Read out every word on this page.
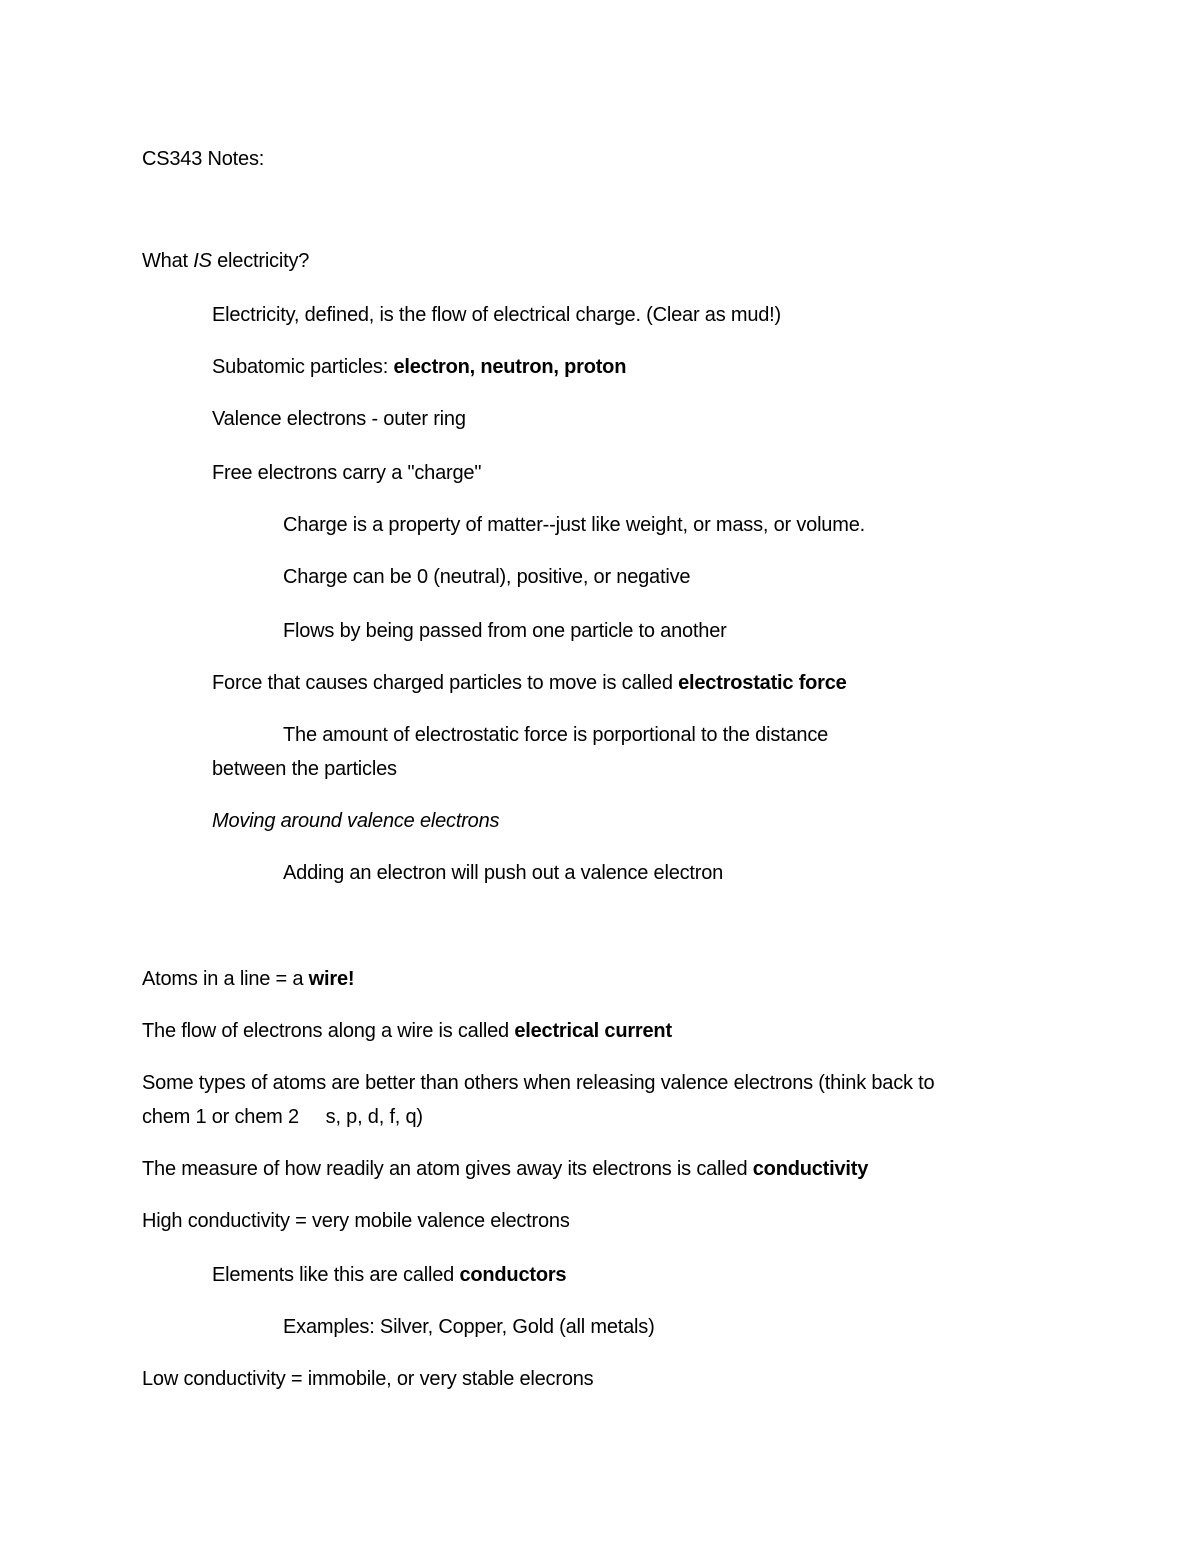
CS343 Notes:
What IS electricity?
Electricity, defined, is the flow of electrical charge. (Clear as mud!)
Subatomic particles: electron, neutron, proton
Valence electrons - outer ring
Free electrons carry a "charge"
Charge is a property of matter--just like weight, or mass, or volume.
Charge can be 0 (neutral), positive, or negative
Flows by being passed from one particle to another
Force that causes charged particles to move is called electrostatic force
The amount of electrostatic force is porportional to the distance
between the particles
Moving around valence electrons
Adding an electron will push out a valence electron
Atoms in a line = a wire!
The flow of electrons along a wire is called electrical current
Some types of atoms are better than others when releasing valence electrons (think back to
chem 1 or chem 2     s, p, d, f, q)
The measure of how readily an atom gives away its electrons is called conductivity
High conductivity = very mobile valence electrons
Elements like this are called conductors
Examples: Silver, Copper, Gold (all metals)
Low conductivity = immobile, or very stable elecrons
